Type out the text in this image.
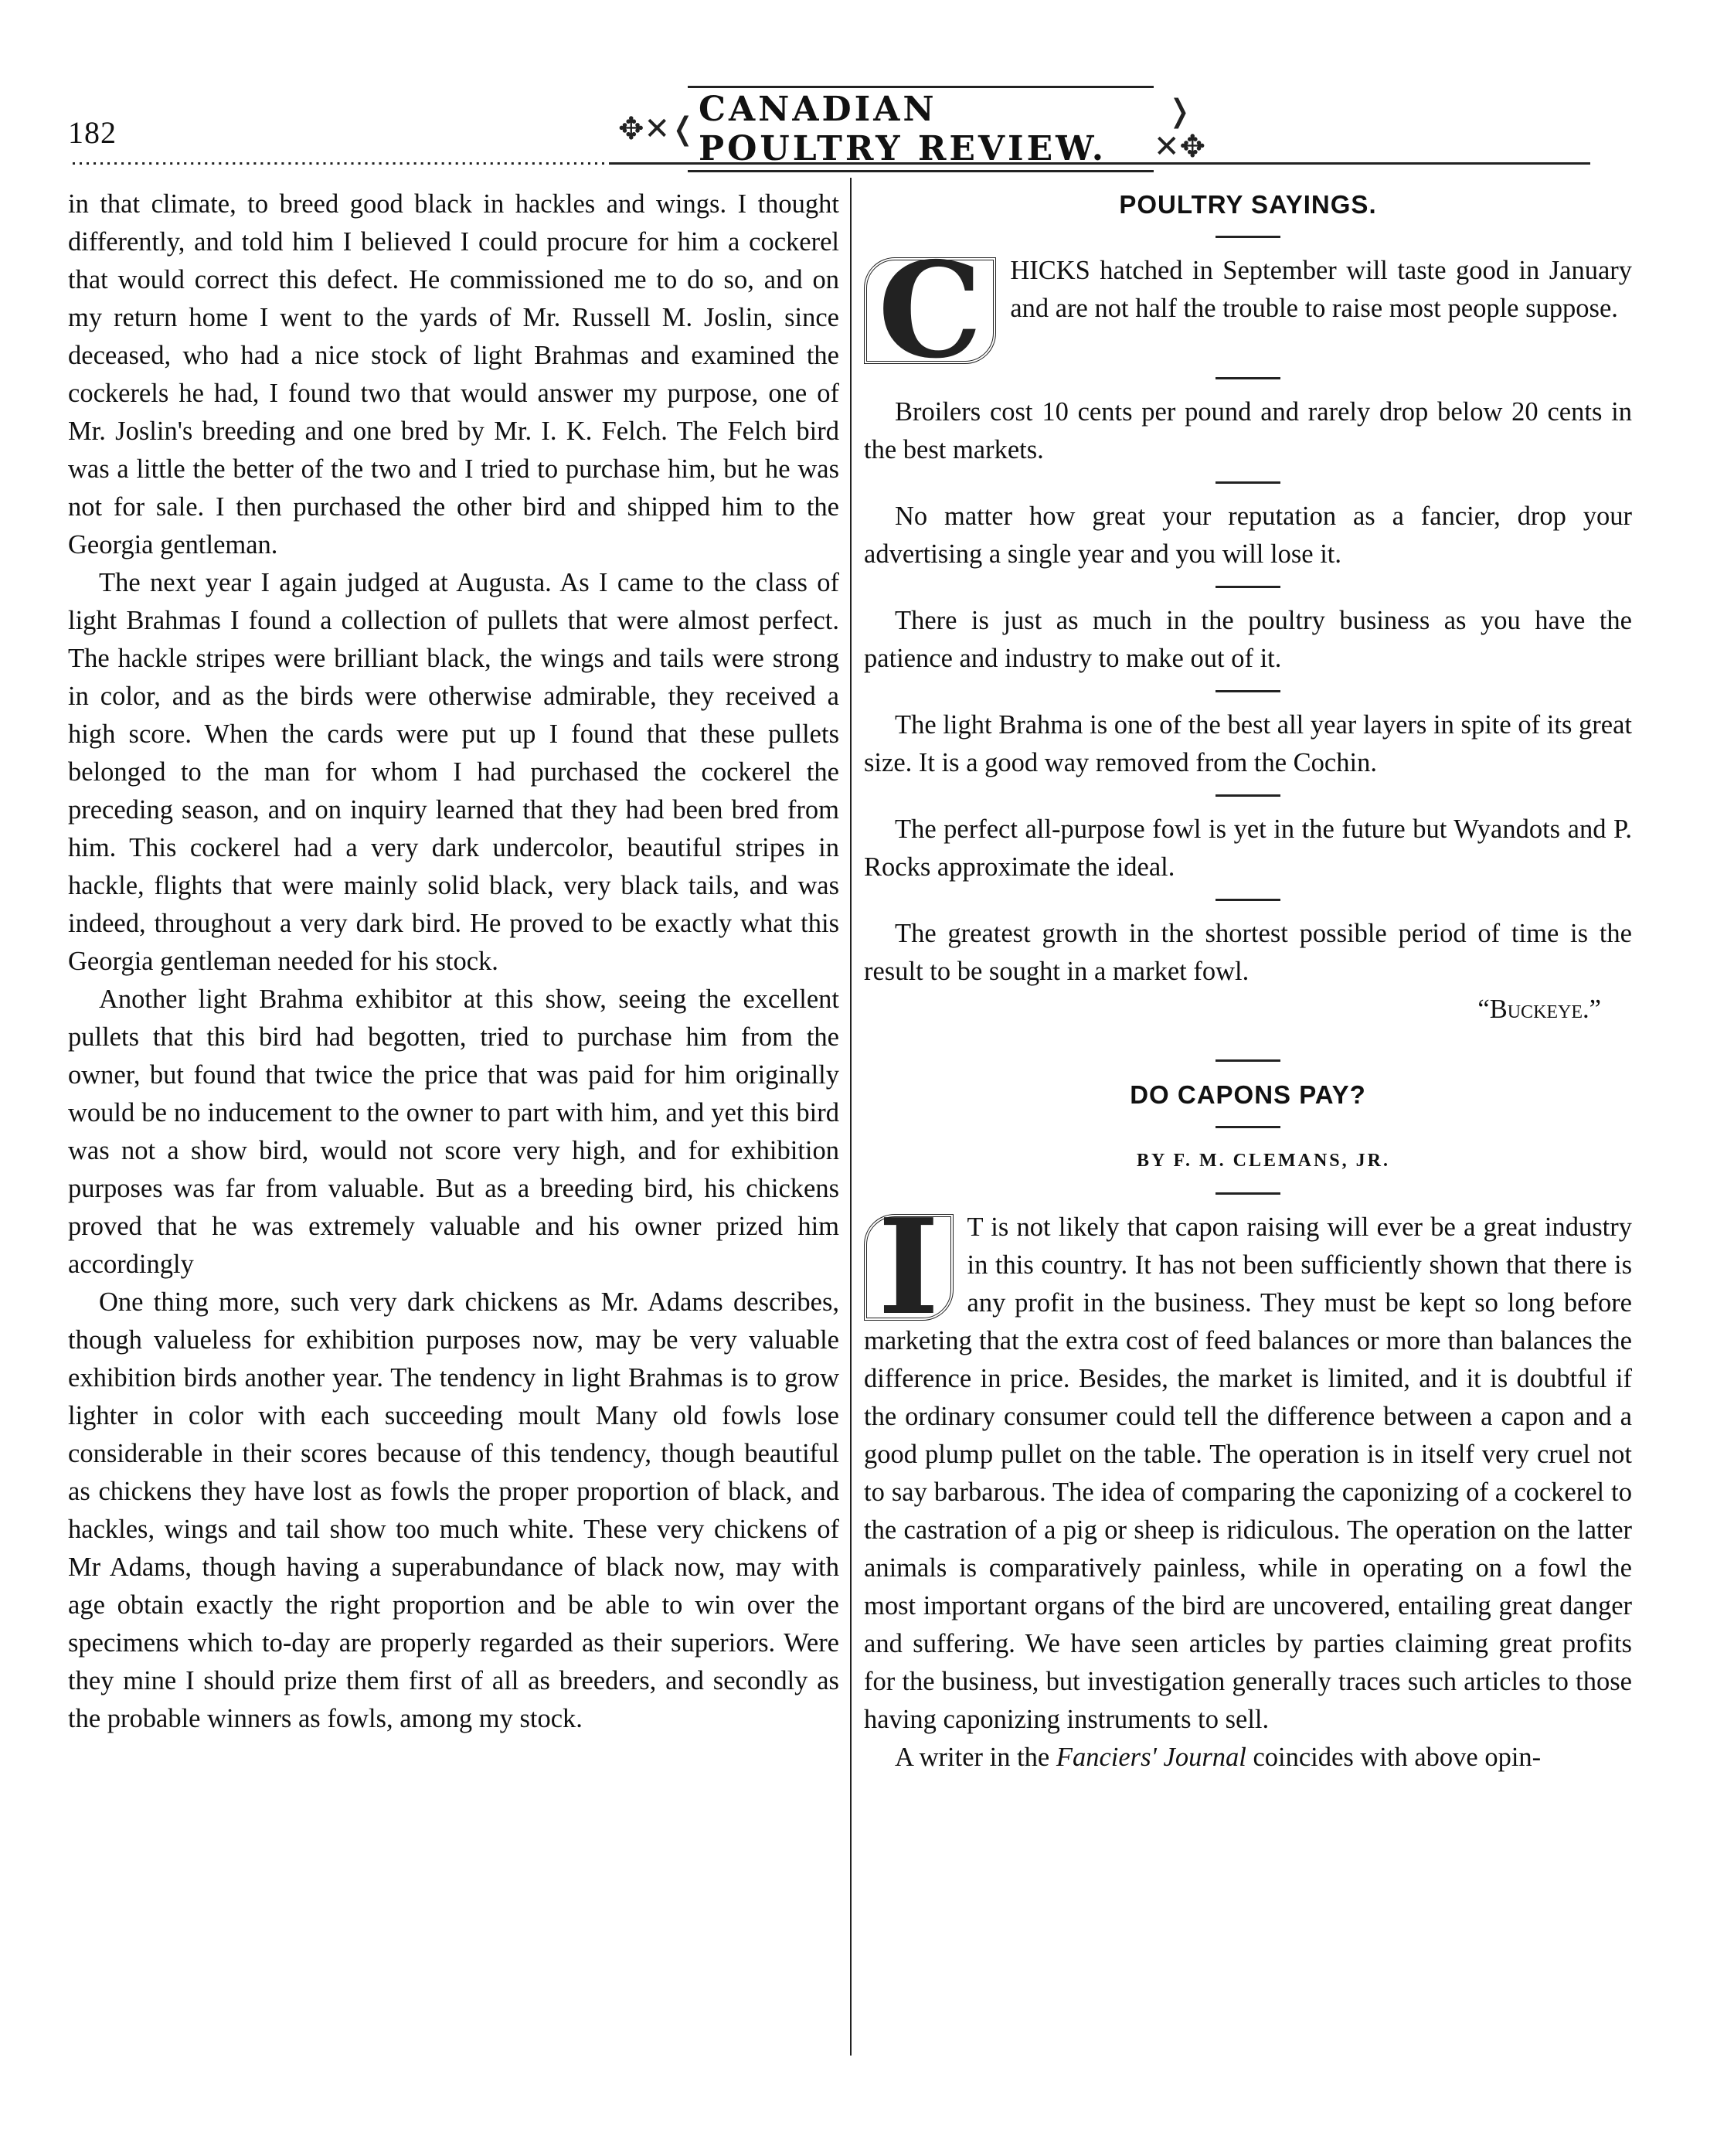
182	✥✕❬ CANADIAN POULTRY REVIEW.
❭✕✥

in that climate, to breed good black in hackles and wings. I thought differently, and told him I believed I could procure for him a cockerel that would correct this defect. He commissioned me to do so, and on my return home I went to the yards of Mr. Russell M. Joslin, since deceased, who had a nice stock of light Brahmas and examined the cockerels he had, I found two that would answer my purpose, one of Mr. Joslin's breeding and one bred by Mr. I. K. Felch. The Felch bird was a little the better of the two and I tried to purchase him, but he was not for sale. I then purchased the other bird and shipped him to the Georgia gentleman.

The next year I again judged at Augusta. As I came to the class of light Brahmas I found a collection of pullets that were almost perfect. The hackle stripes were brilliant black, the wings and tails were strong in color, and as the birds were otherwise admirable, they received a high score. When the cards were put up I found that these pullets belonged to the man for whom I had purchased the cockerel the preceding season, and on inquiry learned that they had been bred from him. This cockerel had a very dark undercolor, beautiful stripes in hackle, flights that were mainly solid black, very black tails, and was indeed, throughout a very dark bird. He proved to be exactly what this Georgia gentleman needed for his stock.

Another light Brahma exhibitor at this show, seeing the excellent pullets that this bird had begotten, tried to purchase him from the owner, but found that twice the price that was paid for him originally would be no inducement to the owner to part with him, and yet this bird was not a show bird, would not score very high, and for exhibition purposes was far from valuable. But as a breeding bird, his chickens proved that he was extremely valuable and his owner prized him accordingly

One thing more, such very dark chickens as Mr. Adams describes, though valueless for exhibition purposes now, may be very valuable exhibition birds another year. The tendency in light Brahmas is to grow lighter in color with each succeeding moult Many old fowls lose considerable in their scores because of this tendency, though beautiful as chickens they have lost as fowls the proper proportion of black, and hackles, wings and tail show too much white. These very chickens of Mr Adams, though having a superabundance of black now, may with age obtain exactly the right proportion and be able to win over the specimens which to-day are properly regarded as their superiors. Were they mine I should prize them first of all as breeders, and secondly as the probable winners as fowls, among my stock.

POULTRY SAYINGS.

C	HICKS hatched in September will taste good in January and are not half the trouble to raise most people suppose.

Broilers cost 10 cents per pound and rarely drop below 20 cents in the best markets.

No matter how great your reputation as a fancier, drop your advertising a single year and you will lose it.

There is just as much in the poultry business as you have the patience and industry to make out of it.

The light Brahma is one of the best all year layers in spite of its great size. It is a good way removed from the Cochin.

The perfect all-purpose fowl is yet in the future but Wyandots and P. Rocks approximate the ideal.

The greatest growth in the shortest possible period of time is the result to be sought in a market fowl.

“Buckeye.”

DO CAPONS PAY?

BY F. M. CLEMANS, JR.

I	T is not likely that capon raising will ever be a great industry in this country. It has not been sufficiently shown that there is any profit in the business. They must be kept so long before marketing that the extra cost of feed balances or more than balances the difference in price. Besides, the market is limited, and it is doubtful if the ordinary consumer could tell the difference between a capon and a good plump pullet on the table. The operation is in itself very cruel not to say barbarous. The idea of comparing the caponizing of a cockerel to the castration of a pig or sheep is ridiculous. The operation on the latter animals is comparatively painless, while in operating on a fowl the most important organs of the bird are uncovered, entailing great danger and suffering. We have seen articles by parties claiming great profits for the business, but investigation generally traces such articles to those having caponizing instruments to sell.

A writer in the Fanciers' Journal coincides with above opin-
